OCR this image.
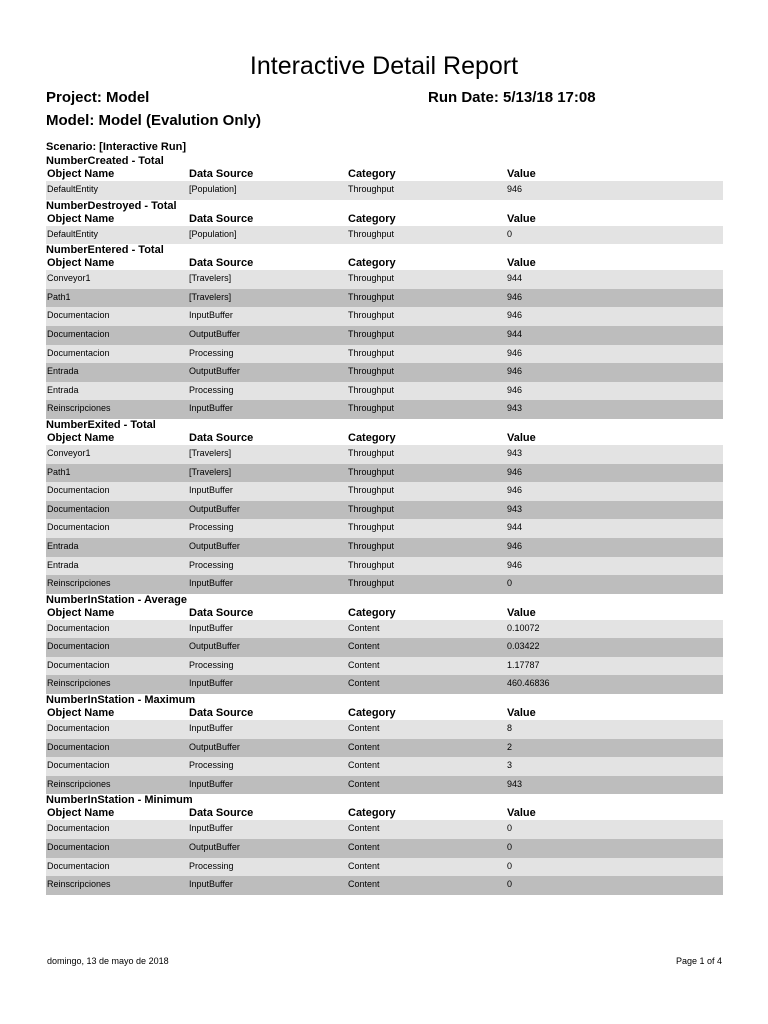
Interactive Detail Report
Project: Model	Run Date: 5/13/18 17:08
Model: Model (Evalution Only)
Scenario: [Interactive Run]
NumberCreated - Total
Object Name	Data Source	Category	Value
DefaultEntity	[Population]	Throughput	946
NumberDestroyed - Total
Object Name	Data Source	Category	Value
DefaultEntity	[Population]	Throughput	0
NumberEntered - Total
Object Name	Data Source	Category	Value
Conveyor1	[Travelers]	Throughput	944
Path1	[Travelers]	Throughput	946
Documentacion	InputBuffer	Throughput	946
Documentacion	OutputBuffer	Throughput	944
Documentacion	Processing	Throughput	946
Entrada	OutputBuffer	Throughput	946
Entrada	Processing	Throughput	946
Reinscripciones	InputBuffer	Throughput	943
NumberExited - Total
Object Name	Data Source	Category	Value
Conveyor1	[Travelers]	Throughput	943
Path1	[Travelers]	Throughput	946
Documentacion	InputBuffer	Throughput	946
Documentacion	OutputBuffer	Throughput	943
Documentacion	Processing	Throughput	944
Entrada	OutputBuffer	Throughput	946
Entrada	Processing	Throughput	946
Reinscripciones	InputBuffer	Throughput	0
NumberInStation - Average
Object Name	Data Source	Category	Value
Documentacion	InputBuffer	Content	0.10072
Documentacion	OutputBuffer	Content	0.03422
Documentacion	Processing	Content	1.17787
Reinscripciones	InputBuffer	Content	460.46836
NumberInStation - Maximum
Object Name	Data Source	Category	Value
Documentacion	InputBuffer	Content	8
Documentacion	OutputBuffer	Content	2
Documentacion	Processing	Content	3
Reinscripciones	InputBuffer	Content	943
NumberInStation - Minimum
Object Name	Data Source	Category	Value
Documentacion	InputBuffer	Content	0
Documentacion	OutputBuffer	Content	0
Documentacion	Processing	Content	0
Reinscripciones	InputBuffer	Content	0
domingo, 13 de mayo de 2018	Page 1 of 4
